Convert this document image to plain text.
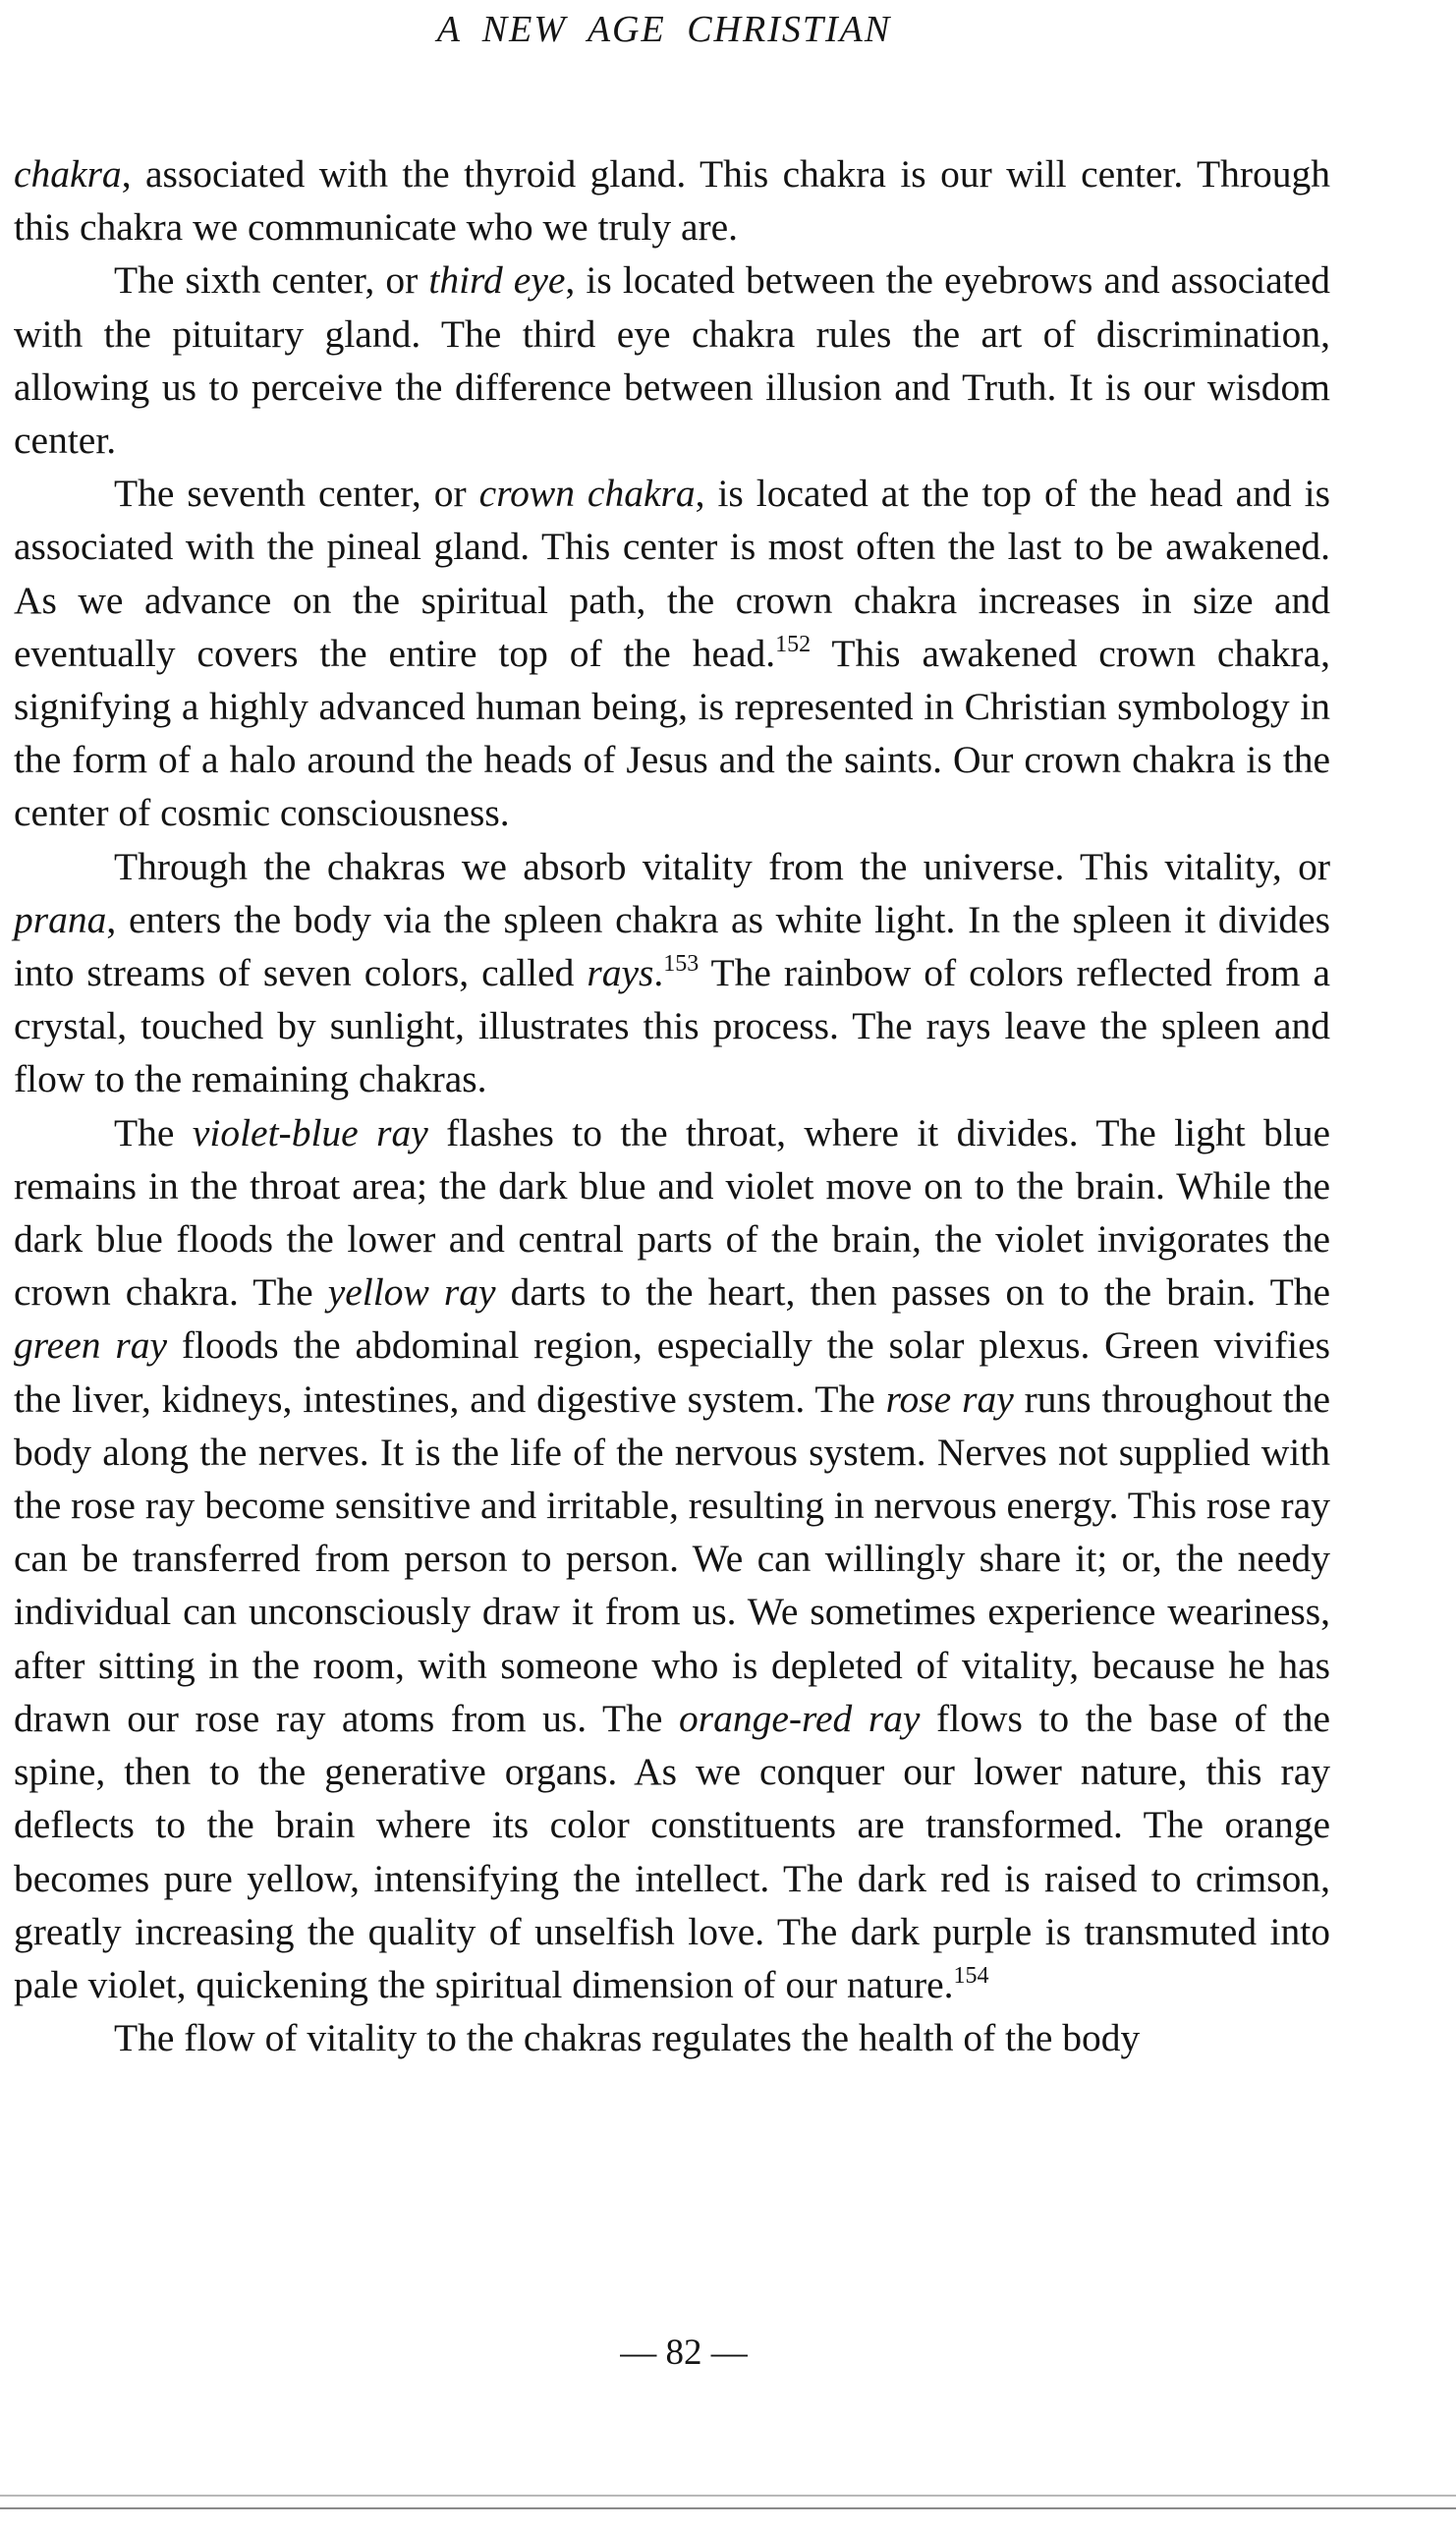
A NEW AGE CHRISTIAN

chakra, associated with the thyroid gland. This chakra is our will center. Through this chakra we communicate who we truly are.

The sixth center, or third eye, is located between the eyebrows and associated with the pituitary gland. The third eye chakra rules the art of discrimination, allowing us to perceive the difference between illusion and Truth. It is our wisdom center.

The seventh center, or crown chakra, is located at the top of the head and is associated with the pineal gland. This center is most often the last to be awakened. As we advance on the spiritual path, the crown chakra increases in size and eventually covers the entire top of the head.$^{152}$ This awakened crown chakra, signifying a highly advanced human being, is represented in Christian symbology in the form of a halo around the heads of Jesus and the saints. Our crown chakra is the center of cosmic consciousness.

Through the chakras we absorb vitality from the universe. This vitality, or prana, enters the body via the spleen chakra as white light. In the spleen it divides into streams of seven colors, called rays.$^{153}$ The rainbow of colors reflected from a crystal, touched by sunlight, illustrates this process. The rays leave the spleen and flow to the remaining chakras.

The violet-blue ray flashes to the throat, where it divides. The light blue remains in the throat area; the dark blue and violet move on to the brain. While the dark blue floods the lower and central parts of the brain, the violet invigorates the crown chakra. The yellow ray darts to the heart, then passes on to the brain. The green ray floods the abdominal region, especially the solar plexus. Green vivifies the liver, kidneys, intestines, and digestive system. The rose ray runs throughout the body along the nerves. It is the life of the nervous system. Nerves not supplied with the rose ray become sensitive and irritable, resulting in nervous energy. This rose ray can be transferred from person to person. We can willingly share it; or, the needy individual can unconsciously draw it from us. We sometimes experience weariness, after sitting in the room, with someone who is depleted of vitality, because he has drawn our rose ray atoms from us. The orange-red ray flows to the base of the spine, then to the generative organs. As we conquer our lower nature, this ray deflects to the brain where its color constituents are transformed. The orange becomes pure yellow, intensifying the intellect. The dark red is raised to crimson, greatly increasing the quality of unselfish love. The dark purple is transmuted into pale violet, quickening the spiritual dimension of our nature.$^{154}$

The flow of vitality to the chakras regulates the health of the body

— 82 —
